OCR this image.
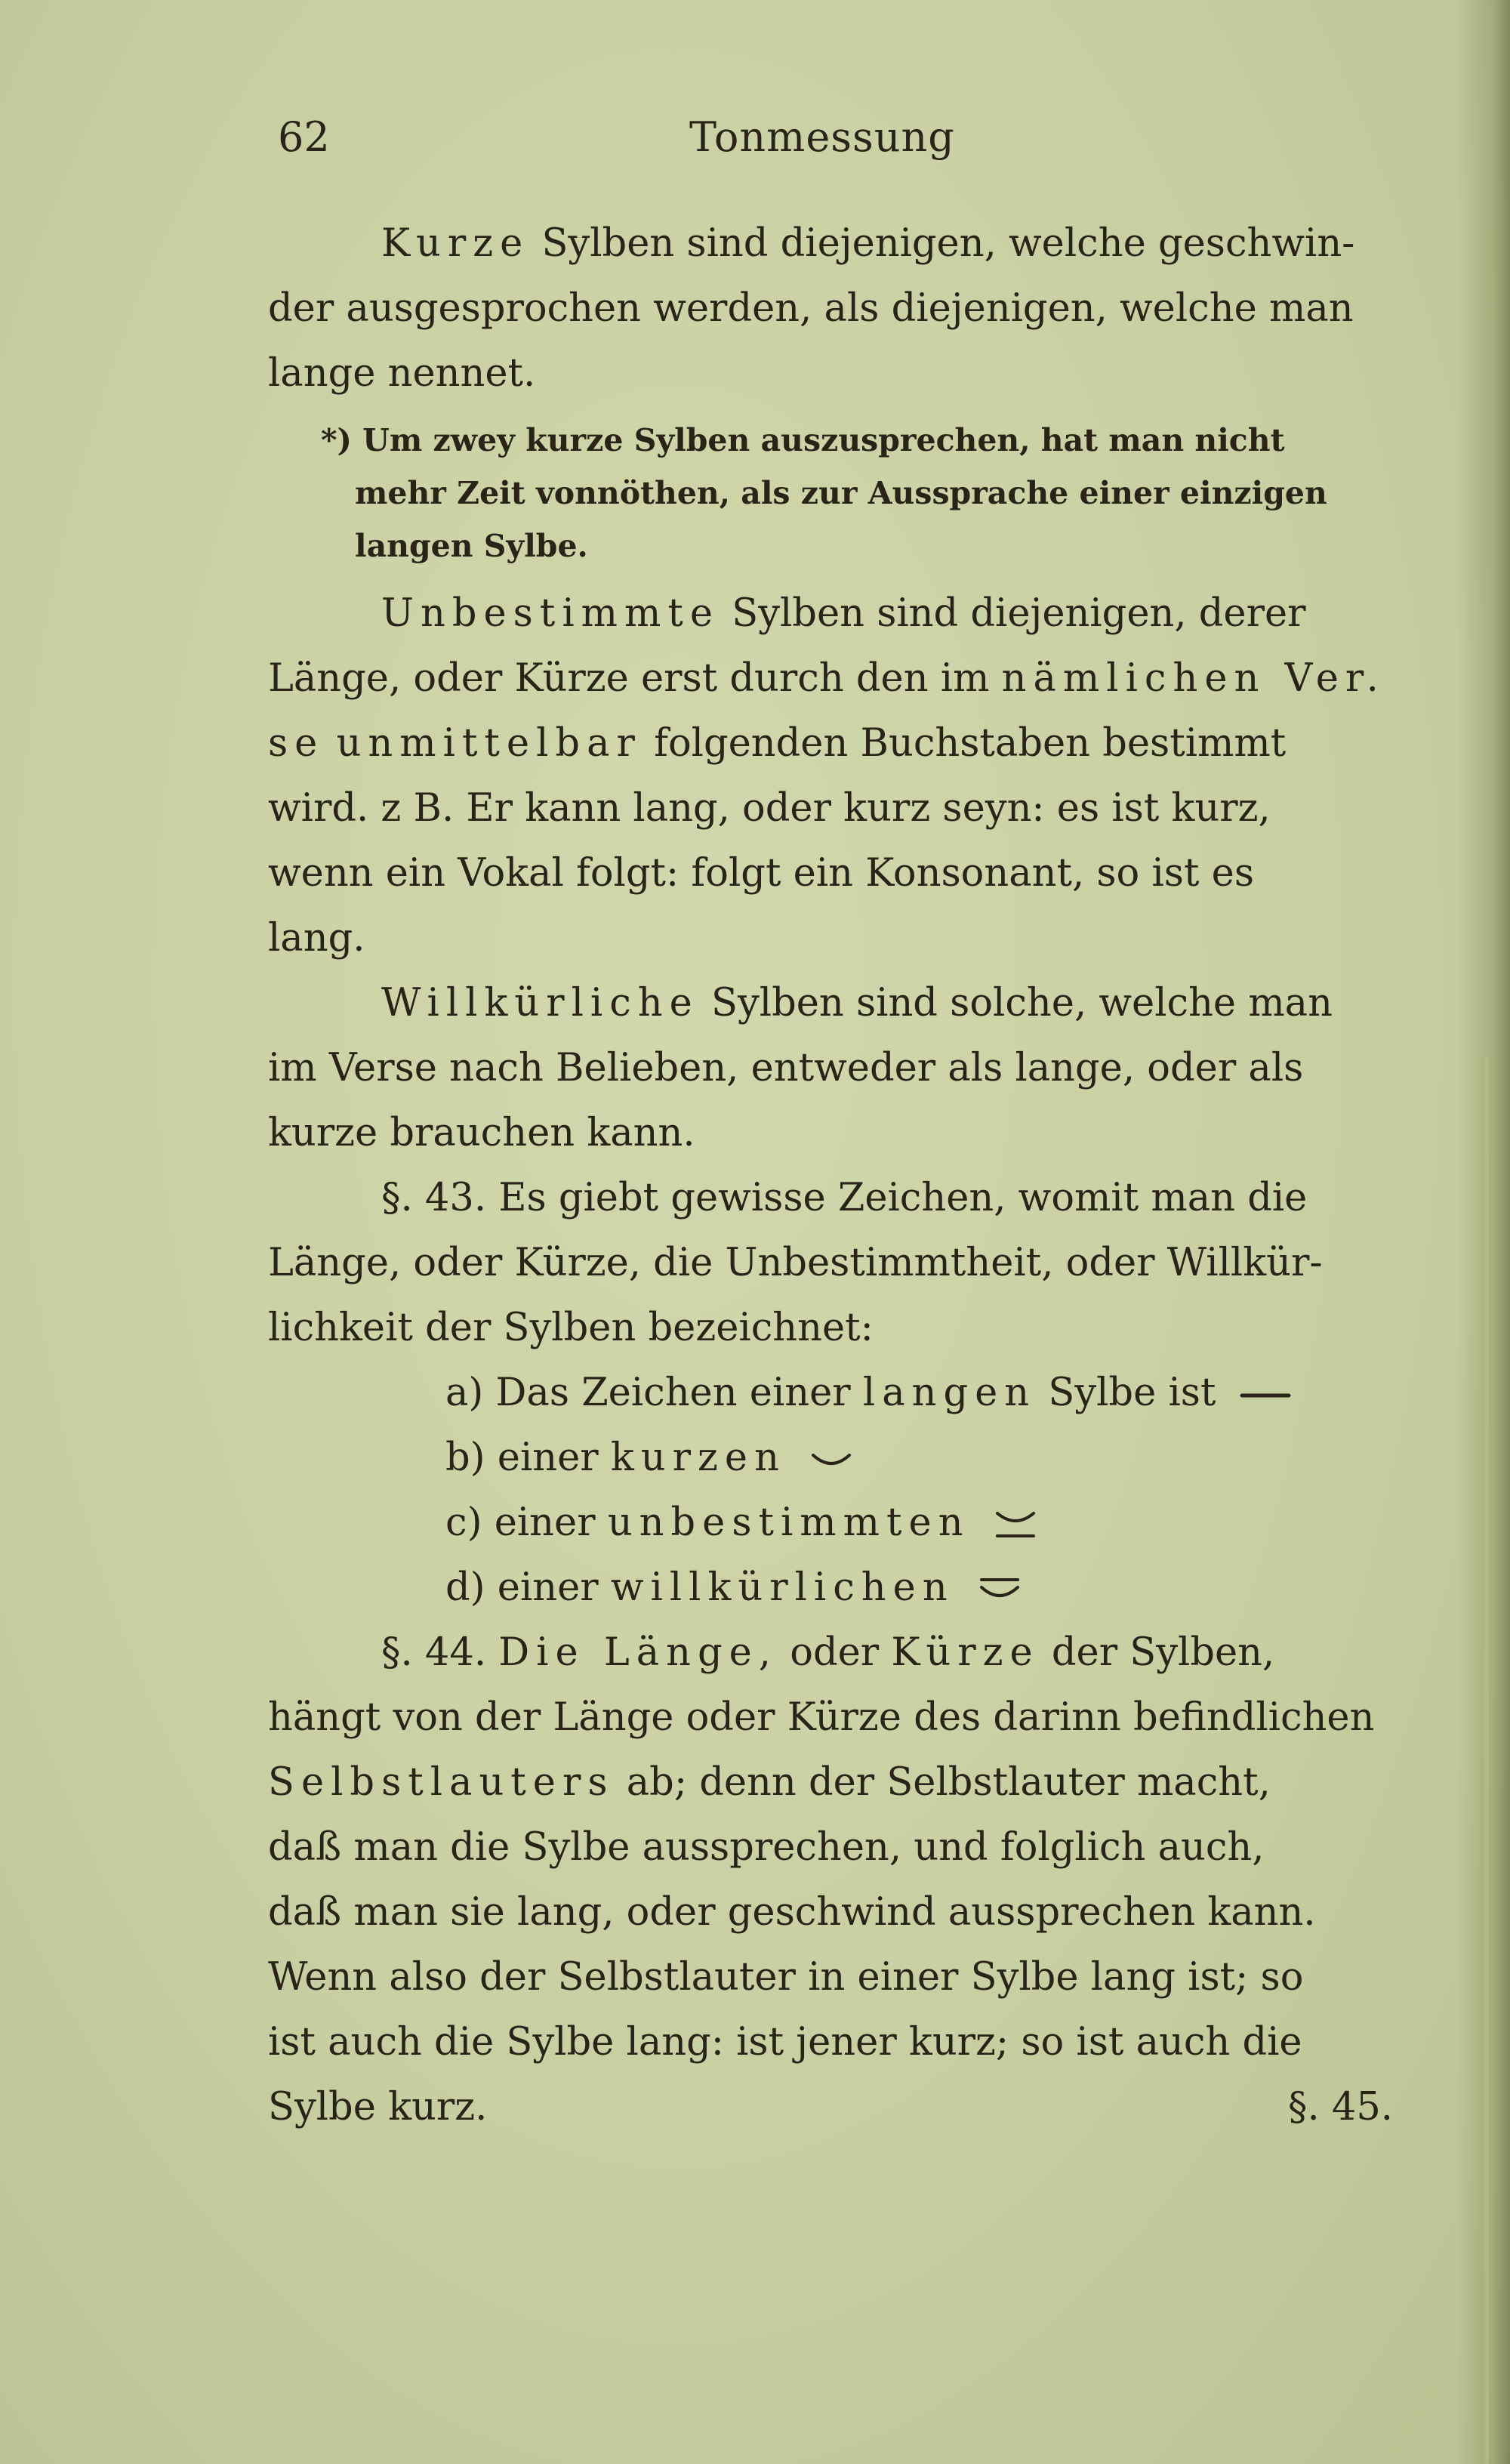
62	Tonmessung
Kurze Sylben sind diejenigen, welche geschwin-
der ausgesprochen werden, als diejenigen, welche man
lange nennet.
*) Um zwey kurze Sylben auszusprechen, hat man nicht
mehr Zeit vonnöthen, als zur Aussprache einer einzigen
langen Sylbe.
Unbestimmte Sylben sind diejenigen, derer
Länge, oder Kürze erst durch den im nämlichen Ver.
se unmittelbar folgenden Buchstaben bestimmt
wird. z B. Er kann lang, oder kurz seyn: es ist kurz,
wenn ein Vokal folgt: folgt ein Konsonant, so ist es
lang.
Willkürliche Sylben sind solche, welche man
im Verse nach Belieben, entweder als lange, oder als
kurze brauchen kann.
§. 43. Es giebt gewisse Zeichen, womit man die
Länge, oder Kürze, die Unbestimmtheit, oder Willkür-
lichkeit der Sylben bezeichnet:
a) Das Zeichen einer langen Sylbe ist
b) einer kurzen
c) einer unbestimmten
d) einer willkürlichen
§. 44. Die Länge, oder Kürze der Sylben,
hängt von der Länge oder Kürze des darinn befindlichen
Selbstlauters ab; denn der Selbstlauter macht,
daß man die Sylbe aussprechen, und folglich auch,
daß man sie lang, oder geschwind aussprechen kann.
Wenn also der Selbstlauter in einer Sylbe lang ist; so
ist auch die Sylbe lang: ist jener kurz; so ist auch die
Sylbe kurz.	§. 45.
